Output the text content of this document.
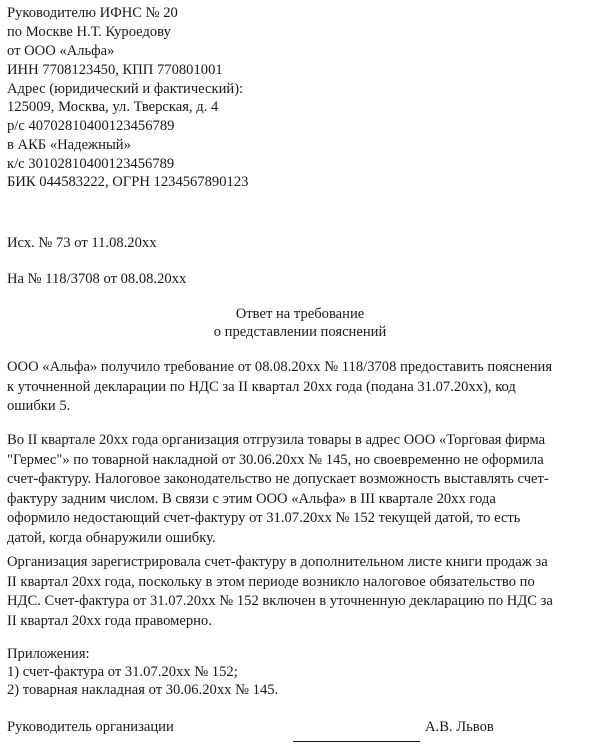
Руководителю ИФНС № 20
по Москве Н.Т. Куроедову
от ООО «Альфа»
ИНН 7708123450, КПП 770801001
Адрес (юридический и фактический):
125009, Москва, ул. Тверская, д. 4
р/с 40702810400123456789
в АКБ «Надежный»
к/с 30102810400123456789
БИК 044583222, ОГРН 1234567890123
Исх. № 73 от 11.08.20xx
На № 118/3708 от 08.08.20xx
Ответ на требование
о представлении пояснений
ООО «Альфа» получило требование от 08.08.20xx № 118/3708 предоставить пояснения
к уточненной декларации по НДС за II квартал 20xx года (подана 31.07.20xx), код
ошибки 5.
Во II квартале 20xx года организация отгрузила товары в адрес ООО «Торговая фирма
"Гермес"» по товарной накладной от 30.06.20xx № 145, но своевременно не оформила
счет-фактуру. Налоговое законодательство не допускает возможность выставлять счет-
фактуру задним числом. В связи с этим ООО «Альфа» в III квартале 20xx года
оформило недостающий счет-фактуру от 31.07.20xx № 152 текущей датой, то есть
датой, когда обнаружили ошибку.
Организация зарегистрировала счет-фактуру в дополнительном листе книги продаж за
II квартал 20xx года, поскольку в этом периоде возникло налоговое обязательство по
НДС. Счет-фактура от 31.07.20xx № 152 включен в уточненную декларацию по НДС за
II квартал 20xx года правомерно.
Приложения:
1) счет-фактура от 31.07.20xx № 152;
2) товарная накладная от 30.06.20xx № 145.
Руководитель организации	А.В. Львов
